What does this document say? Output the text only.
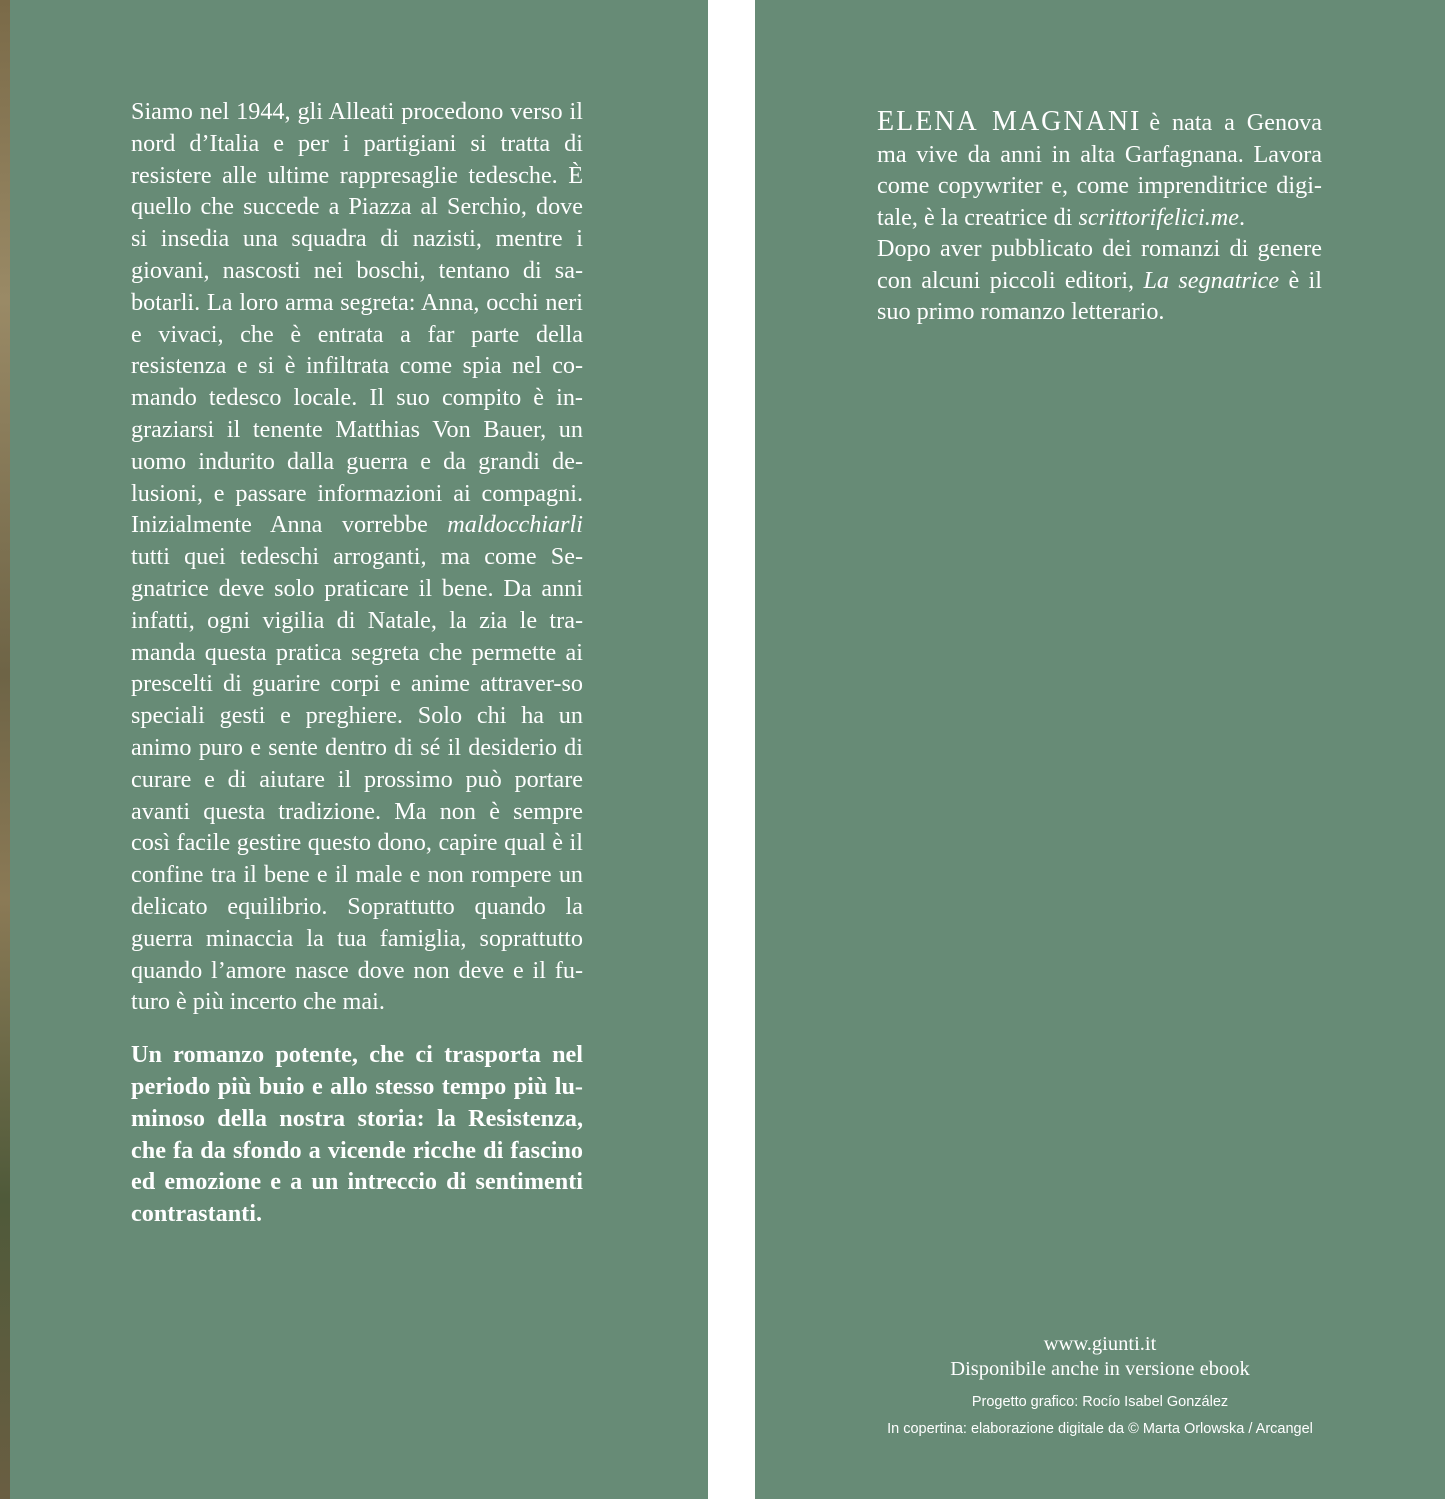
Siamo nel 1944, gli Alleati procedono verso il nord d’Italia e per i partigiani si tratta di resistere alle ultime rappresaglie tedesche. È quello che succede a Piazza al Serchio, dove si insedia una squadra di nazisti, mentre i giovani, nascosti nei boschi, tentano di sa-botarli. La loro arma segreta: Anna, occhi neri e vivaci, che è entrata a far parte della resistenza e si è infiltrata come spia nel co-mando tedesco locale. Il suo compito è in-graziarsi il tenente Matthias Von Bauer, un uomo indurito dalla guerra e da grandi de-lusioni, e passare informazioni ai compagni. Inizialmente Anna vorrebbe maldocchiarli tutti quei tedeschi arroganti, ma come Se-gnatrice deve solo praticare il bene. Da anni infatti, ogni vigilia di Natale, la zia le tra-manda questa pratica segreta che permette ai prescelti di guarire corpi e anime attraver-so speciali gesti e preghiere. Solo chi ha un animo puro e sente dentro di sé il desiderio di curare e di aiutare il prossimo può portare avanti questa tradizione. Ma non è sempre così facile gestire questo dono, capire qual è il confine tra il bene e il male e non rompere un delicato equilibrio. Soprattutto quando la guerra minaccia la tua famiglia, soprattutto quando l’amore nasce dove non deve e il fu-turo è più incerto che mai.

Un romanzo potente, che ci trasporta nel periodo più buio e allo stesso tempo più lu-minoso della nostra storia: la Resistenza, che fa da sfondo a vicende ricche di fascino ed emozione e a un intreccio di sentimenti contrastanti.

ELENA MAGNANI è nata a Genova ma vive da anni in alta Garfagnana. Lavora come copywriter e, come imprenditrice digi-tale, è la creatrice di scrittorifelici.me.

Dopo aver pubblicato dei romanzi di genere con alcuni piccoli editori, La segnatrice è il suo primo romanzo letterario.

www.giunti.it
Disponibile anche in versione ebook
Progetto grafico: Rocío Isabel González
In copertina: elaborazione digitale da © Marta Orlowska / Arcangel
